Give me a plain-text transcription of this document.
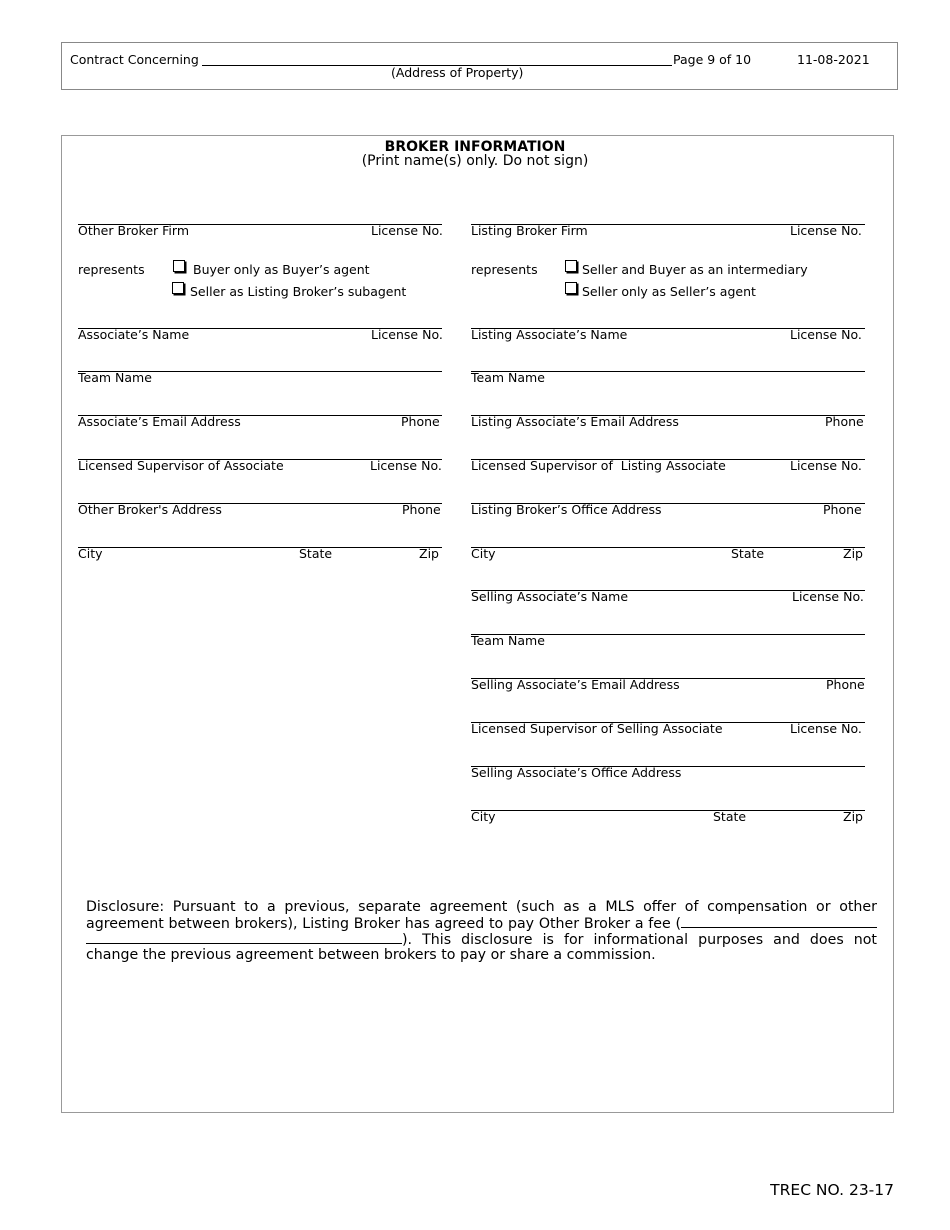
Contract Concerning
(Address of Property)
Page 9 of 10	11-08-2021
BROKER INFORMATION
(Print name(s) only. Do not sign)
Other Broker Firm	License No.
represents	Buyer only as Buyer’s agent
Seller as Listing Broker’s subagent
Associate’s Name	License No.
Team Name
Associate’s Email Address	Phone
Licensed Supervisor of Associate	License No.
Other Broker's Address	Phone
City	State	Zip
Listing Broker Firm	License No.
represents	Seller and Buyer as an intermediary
Seller only as Seller’s agent
Listing Associate’s Name	License No.
Team Name
Listing Associate’s Email Address	Phone
Licensed Supervisor of  Listing Associate	License No.
Listing Broker’s Office Address	Phone
City	State	Zip
Selling Associate’s Name	License No.
Team Name
Selling Associate’s Email Address	Phone
Licensed Supervisor of Selling Associate	License No.
Selling Associate’s Office Address
City	State	Zip

Disclosure: Pursuant to a previous, separate agreement (such as a MLS offer of compensation or other agreement between brokers), Listing Broker has agreed to pay Other Broker a fee ( ). This disclosure is for informational purposes and does not change the previous agreement between brokers to pay or share a commission.

TREC NO. 23-17
